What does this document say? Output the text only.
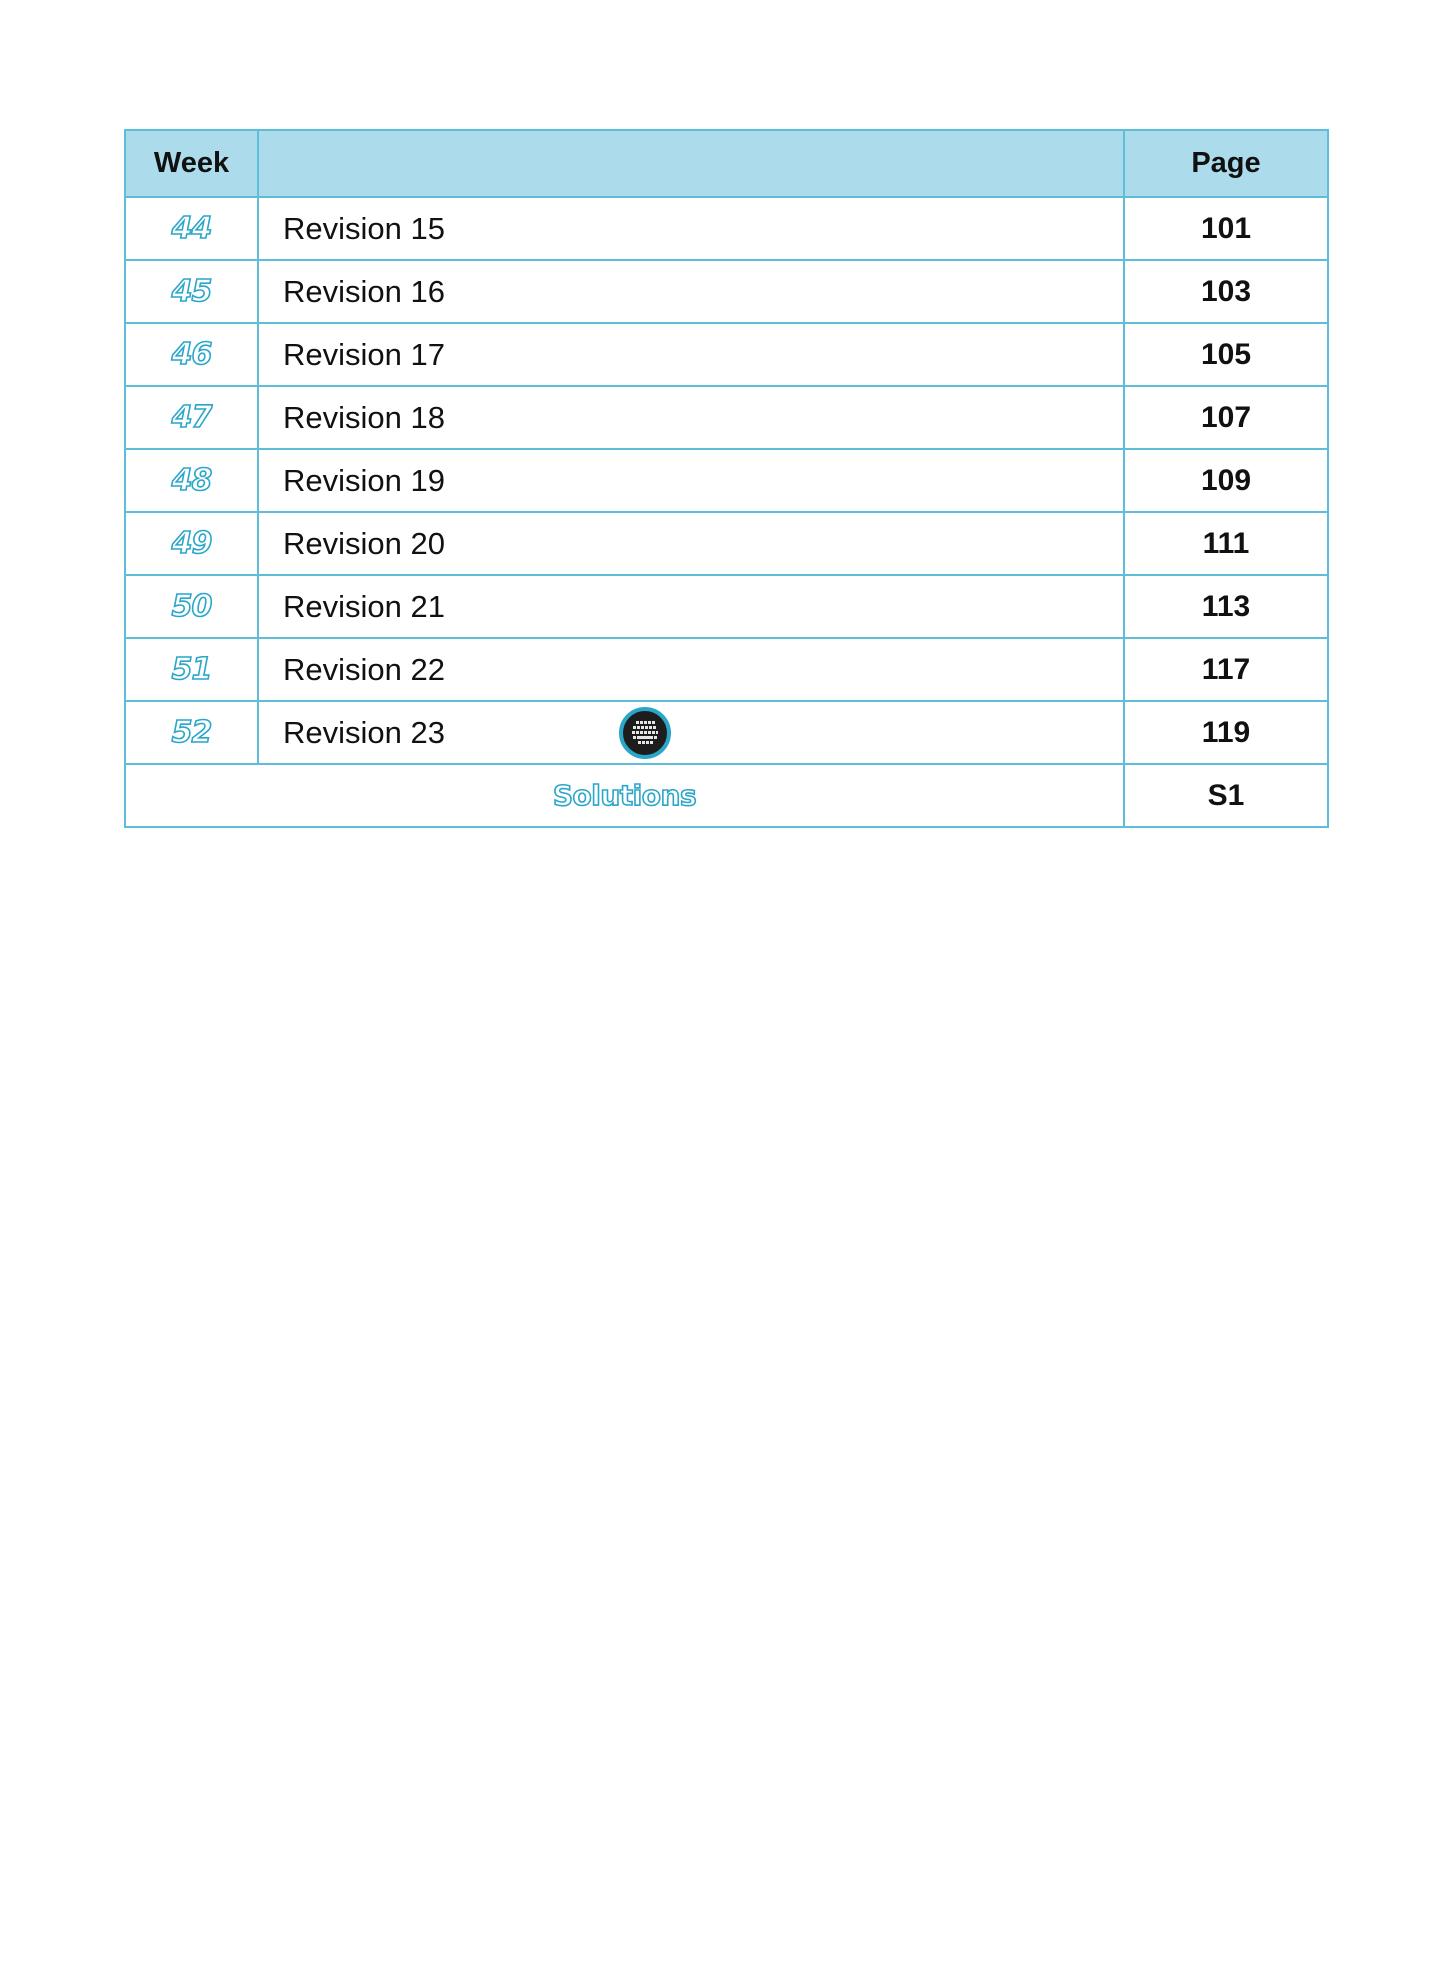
Week		Page
44	Revision 15	101
45	Revision 16	103
46	Revision 17	105
47	Revision 18	107
48	Revision 19	109
49	Revision 20	111
50	Revision 21	113
51	Revision 22	117
52	Revision 23	119
Solutions		S1
